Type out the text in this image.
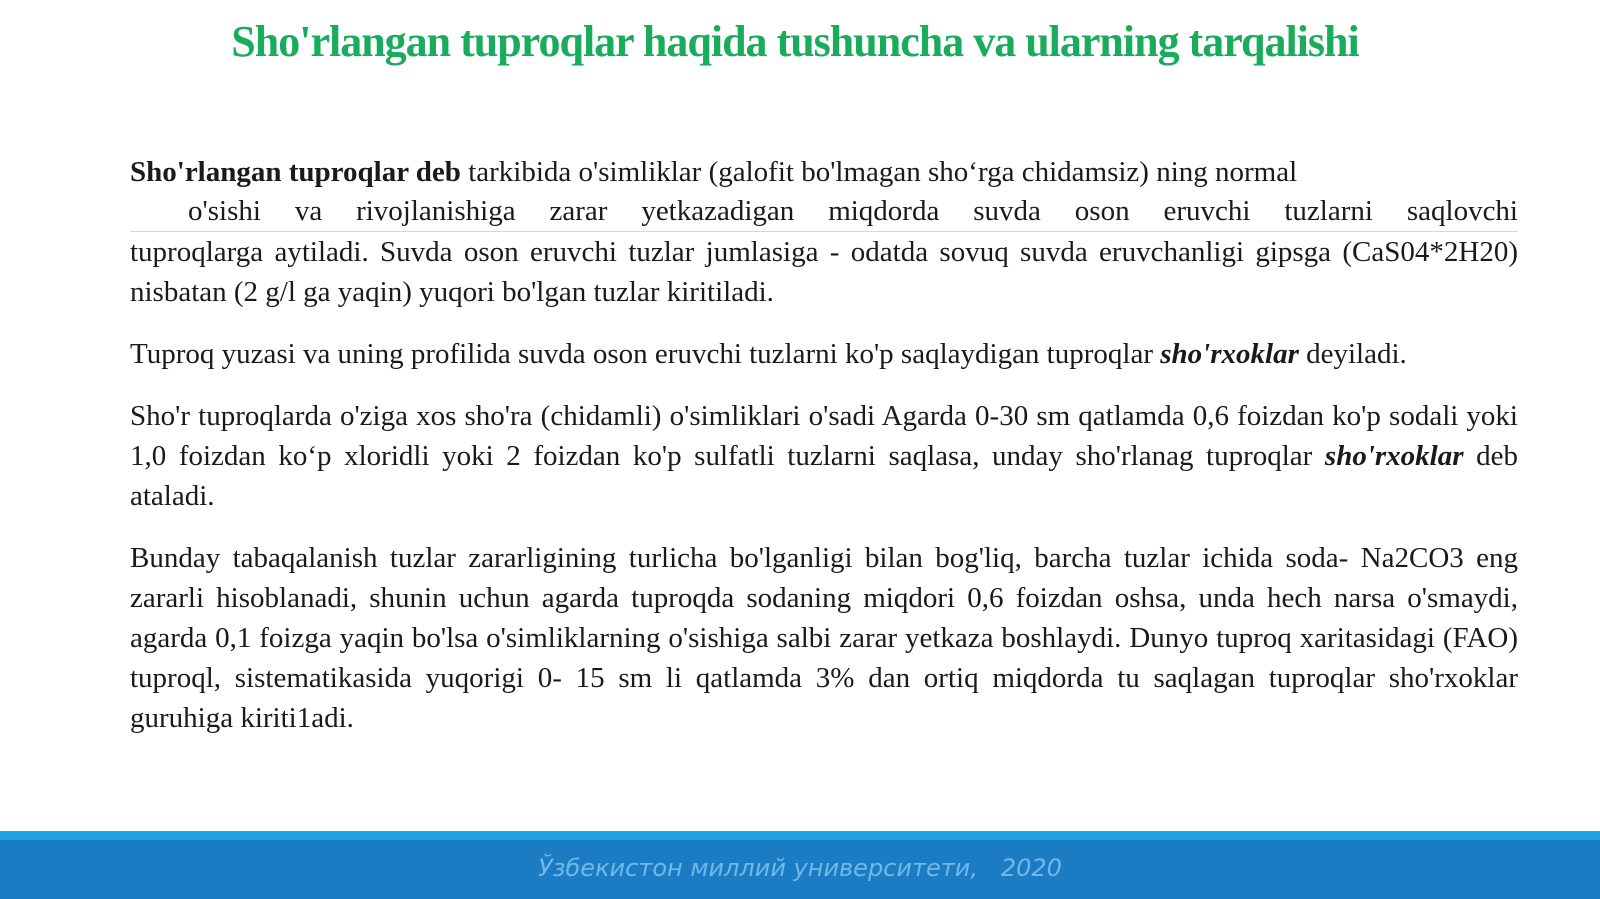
Sho'rlangan tuproqlar haqida tushuncha va ularning tarqalishi

Sho'rlangan tuproqlar deb tarkibida o'simliklar (galofit bo'lmagan sho‘rga chidamsiz) ning normal
o'sishi va rivojlanishiga zarar yetkazadigan miqdorda suvda oson eruvchi tuzlarni saqlovchi
tuproqlarga aytiladi. Suvda oson eruvchi tuzlar jumlasiga - odatda sovuq suvda eruvchanligi gipsga (CaS04*2H20) nisbatan (2 g/l ga yaqin) yuqori bo'lgan tuzlar kiritiladi.

Tuproq yuzasi va uning profilida suvda oson eruvchi tuzlarni ko'p saqlaydigan tuproqlar sho'rxoklar deyiladi.

Sho'r tuproqlarda o'ziga xos sho'ra (chidamli) o'simliklari o'sadi Agarda 0-30 sm qatlamda 0,6 foizdan ko'p sodali yoki 1,0 foizdan ko‘p xloridli yoki 2 foizdan ko'p sulfatli tuzlarni saqlasa, unday sho'rlanag tuproqlar sho'rxoklar deb ataladi.

Bunday tabaqalanish tuzlar zararligining turlicha bo'lganligi bilan bog'liq, barcha tuzlar ichida soda- Na2CO3 eng zararli hisoblanadi, shunin uchun agarda tuproqda sodaning miqdori 0,6 foizdan oshsa, unda hech narsa o'smaydi, agarda 0,1 foizga yaqin bo'lsa o'simliklarning o'sishiga salbi zarar yetkaza boshlaydi. Dunyo tuproq xaritasidagi (FAO) tuproql, sistematikasida yuqorigi 0- 15 sm li qatlamda 3% dan ortiq miqdorda tu saqlagan tuproqlar sho'rxoklar guruhiga kiriti1adi.

Ўзбекистон миллий университети,   2020
